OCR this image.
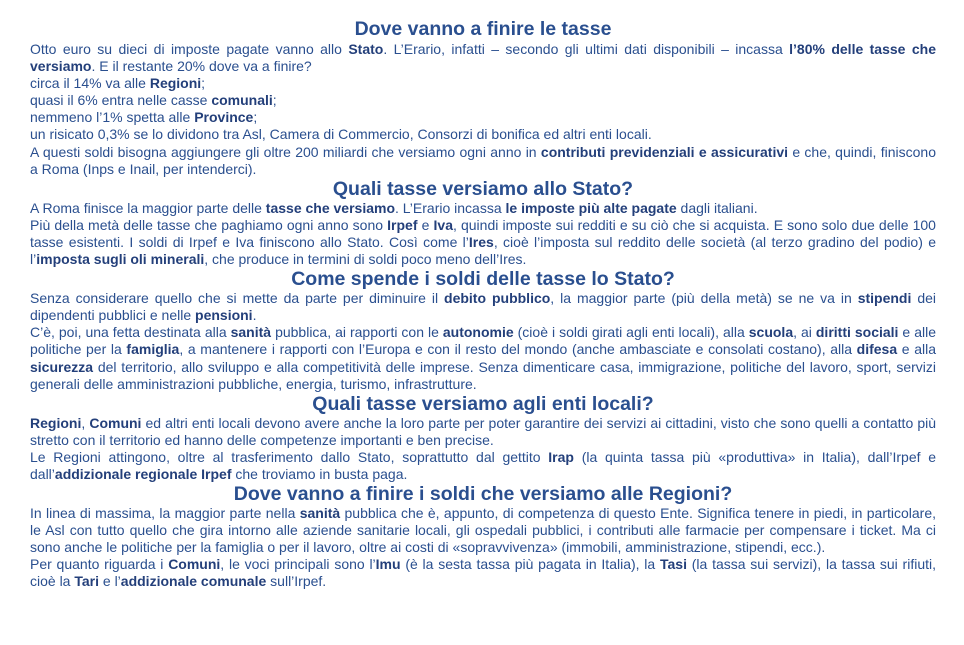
Dove vanno a finire le tasse

Otto euro su dieci di imposte pagate vanno allo Stato. L’Erario, infatti – secondo gli ultimi dati disponibili – incassa l’80% delle tasse che versiamo. E il restante 20% dove va a finire?

circa il 14% va alle Regioni;

quasi il 6% entra nelle casse comunali;

nemmeno l’1% spetta alle Province;

un risicato 0,3% se lo dividono tra Asl, Camera di Commercio, Consorzi di bonifica ed altri enti locali.

A questi soldi bisogna aggiungere gli oltre 200 miliardi che versiamo ogni anno in contributi previdenziali e assicurativi e che, quindi, finiscono a Roma (Inps e Inail, per intenderci).

Quali tasse versiamo allo Stato?

A Roma finisce la maggior parte delle tasse che versiamo. L’Erario incassa le imposte più alte pagate dagli italiani.

Più della metà delle tasse che paghiamo ogni anno sono Irpef e Iva, quindi imposte sui redditi e su ciò che si acquista. E sono solo due delle 100 tasse esistenti. I soldi di Irpef e Iva finiscono allo Stato. Così come l’Ires, cioè l’imposta sul reddito delle società (al terzo gradino del podio) e l’imposta sugli oli minerali, che produce in termini di soldi poco meno dell’Ires.

Come spende i soldi delle tasse lo Stato?

Senza considerare quello che si mette da parte per diminuire il debito pubblico, la maggior parte (più della metà) se ne va in stipendi dei dipendenti pubblici e nelle pensioni.

C’è, poi, una fetta destinata alla sanità pubblica, ai rapporti con le autonomie (cioè i soldi girati agli enti locali), alla scuola, ai diritti sociali e alle politiche per la famiglia, a mantenere i rapporti con l’Europa e con il resto del mondo (anche ambasciate e consolati costano), alla difesa e alla sicurezza del territorio, allo sviluppo e alla competitività delle imprese. Senza dimenticare casa, immigrazione, politiche del lavoro, sport, servizi generali delle amministrazioni pubbliche, energia, turismo, infrastrutture.

Quali tasse versiamo agli enti locali?

Regioni, Comuni ed altri enti locali devono avere anche la loro parte per poter garantire dei servizi ai cittadini, visto che sono quelli a contatto più stretto con il territorio ed hanno delle competenze importanti e ben precise.

Le Regioni attingono, oltre al trasferimento dallo Stato, soprattutto dal gettito Irap (la quinta tassa più «produttiva» in Italia), dall’Irpef e dall’addizionale regionale Irpef che troviamo in busta paga.

Dove vanno a finire i soldi che versiamo alle Regioni?

In linea di massima, la maggior parte nella sanità pubblica che è, appunto, di competenza di questo Ente. Significa tenere in piedi, in particolare, le Asl con tutto quello che gira intorno alle aziende sanitarie locali, gli ospedali pubblici, i contributi alle farmacie per compensare i ticket. Ma ci sono anche le politiche per la famiglia o per il lavoro, oltre ai costi di «sopravvivenza» (immobili, amministrazione, stipendi, ecc.).

Per quanto riguarda i Comuni, le voci principali sono l’Imu (è la sesta tassa più pagata in Italia), la Tasi (la tassa sui servizi), la tassa sui rifiuti, cioè la Tari e l’addizionale comunale sull’Irpef.
